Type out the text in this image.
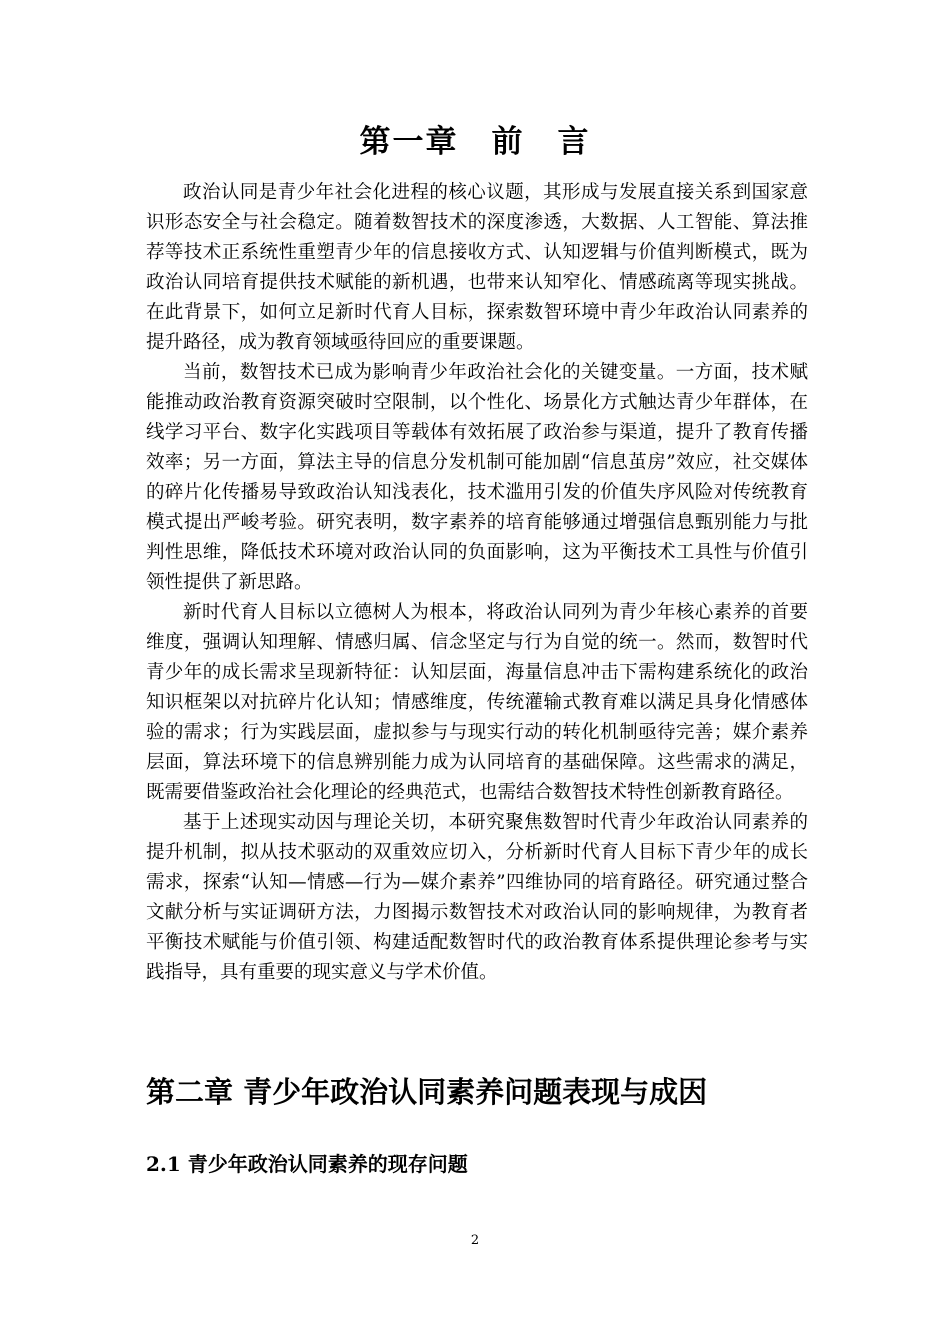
第一章　前　言

政治认同是青少年社会化进程的核心议题，其形成与发展直接关系到国家意识形态安全与社会稳定。随着数智技术的深度渗透，大数据、人工智能、算法推荐等技术正系统性重塑青少年的信息接收方式、认知逻辑与价值判断模式，既为政治认同培育提供技术赋能的新机遇，也带来认知窄化、情感疏离等现实挑战。在此背景下，如何立足新时代育人目标，探索数智环境中青少年政治认同素养的提升路径，成为教育领域亟待回应的重要课题。

当前，数智技术已成为影响青少年政治社会化的关键变量。一方面，技术赋能推动政治教育资源突破时空限制，以个性化、场景化方式触达青少年群体，在线学习平台、数字化实践项目等载体有效拓展了政治参与渠道，提升了教育传播效率；另一方面，算法主导的信息分发机制可能加剧“信息茧房”效应，社交媒体的碎片化传播易导致政治认知浅表化，技术滥用引发的价值失序风险对传统教育模式提出严峻考验。研究表明，数字素养的培育能够通过增强信息甄别能力与批判性思维，降低技术环境对政治认同的负面影响，这为平衡技术工具性与价值引领性提供了新思路。

新时代育人目标以立德树人为根本，将政治认同列为青少年核心素养的首要维度，强调认知理解、情感归属、信念坚定与行为自觉的统一。然而，数智时代青少年的成长需求呈现新特征：认知层面，海量信息冲击下需构建系统化的政治知识框架以对抗碎片化认知；情感维度，传统灌输式教育难以满足具身化情感体验的需求；行为实践层面，虚拟参与与现实行动的转化机制亟待完善；媒介素养层面，算法环境下的信息辨别能力成为认同培育的基础保障。这些需求的满足，既需要借鉴政治社会化理论的经典范式，也需结合数智技术特性创新教育路径。

基于上述现实动因与理论关切，本研究聚焦数智时代青少年政治认同素养的提升机制，拟从技术驱动的双重效应切入，分析新时代育人目标下青少年的成长需求，探索“认知—情感—行为—媒介素养”四维协同的培育路径。研究通过整合文献分析与实证调研方法，力图揭示数智技术对政治认同的影响规律，为教育者平衡技术赋能与价值引领、构建适配数智时代的政治教育体系提供理论参考与实践指导，具有重要的现实意义与学术价值。

第二章 青少年政治认同素养问题表现与成因
2.1 青少年政治认同素养的现存问题
2
